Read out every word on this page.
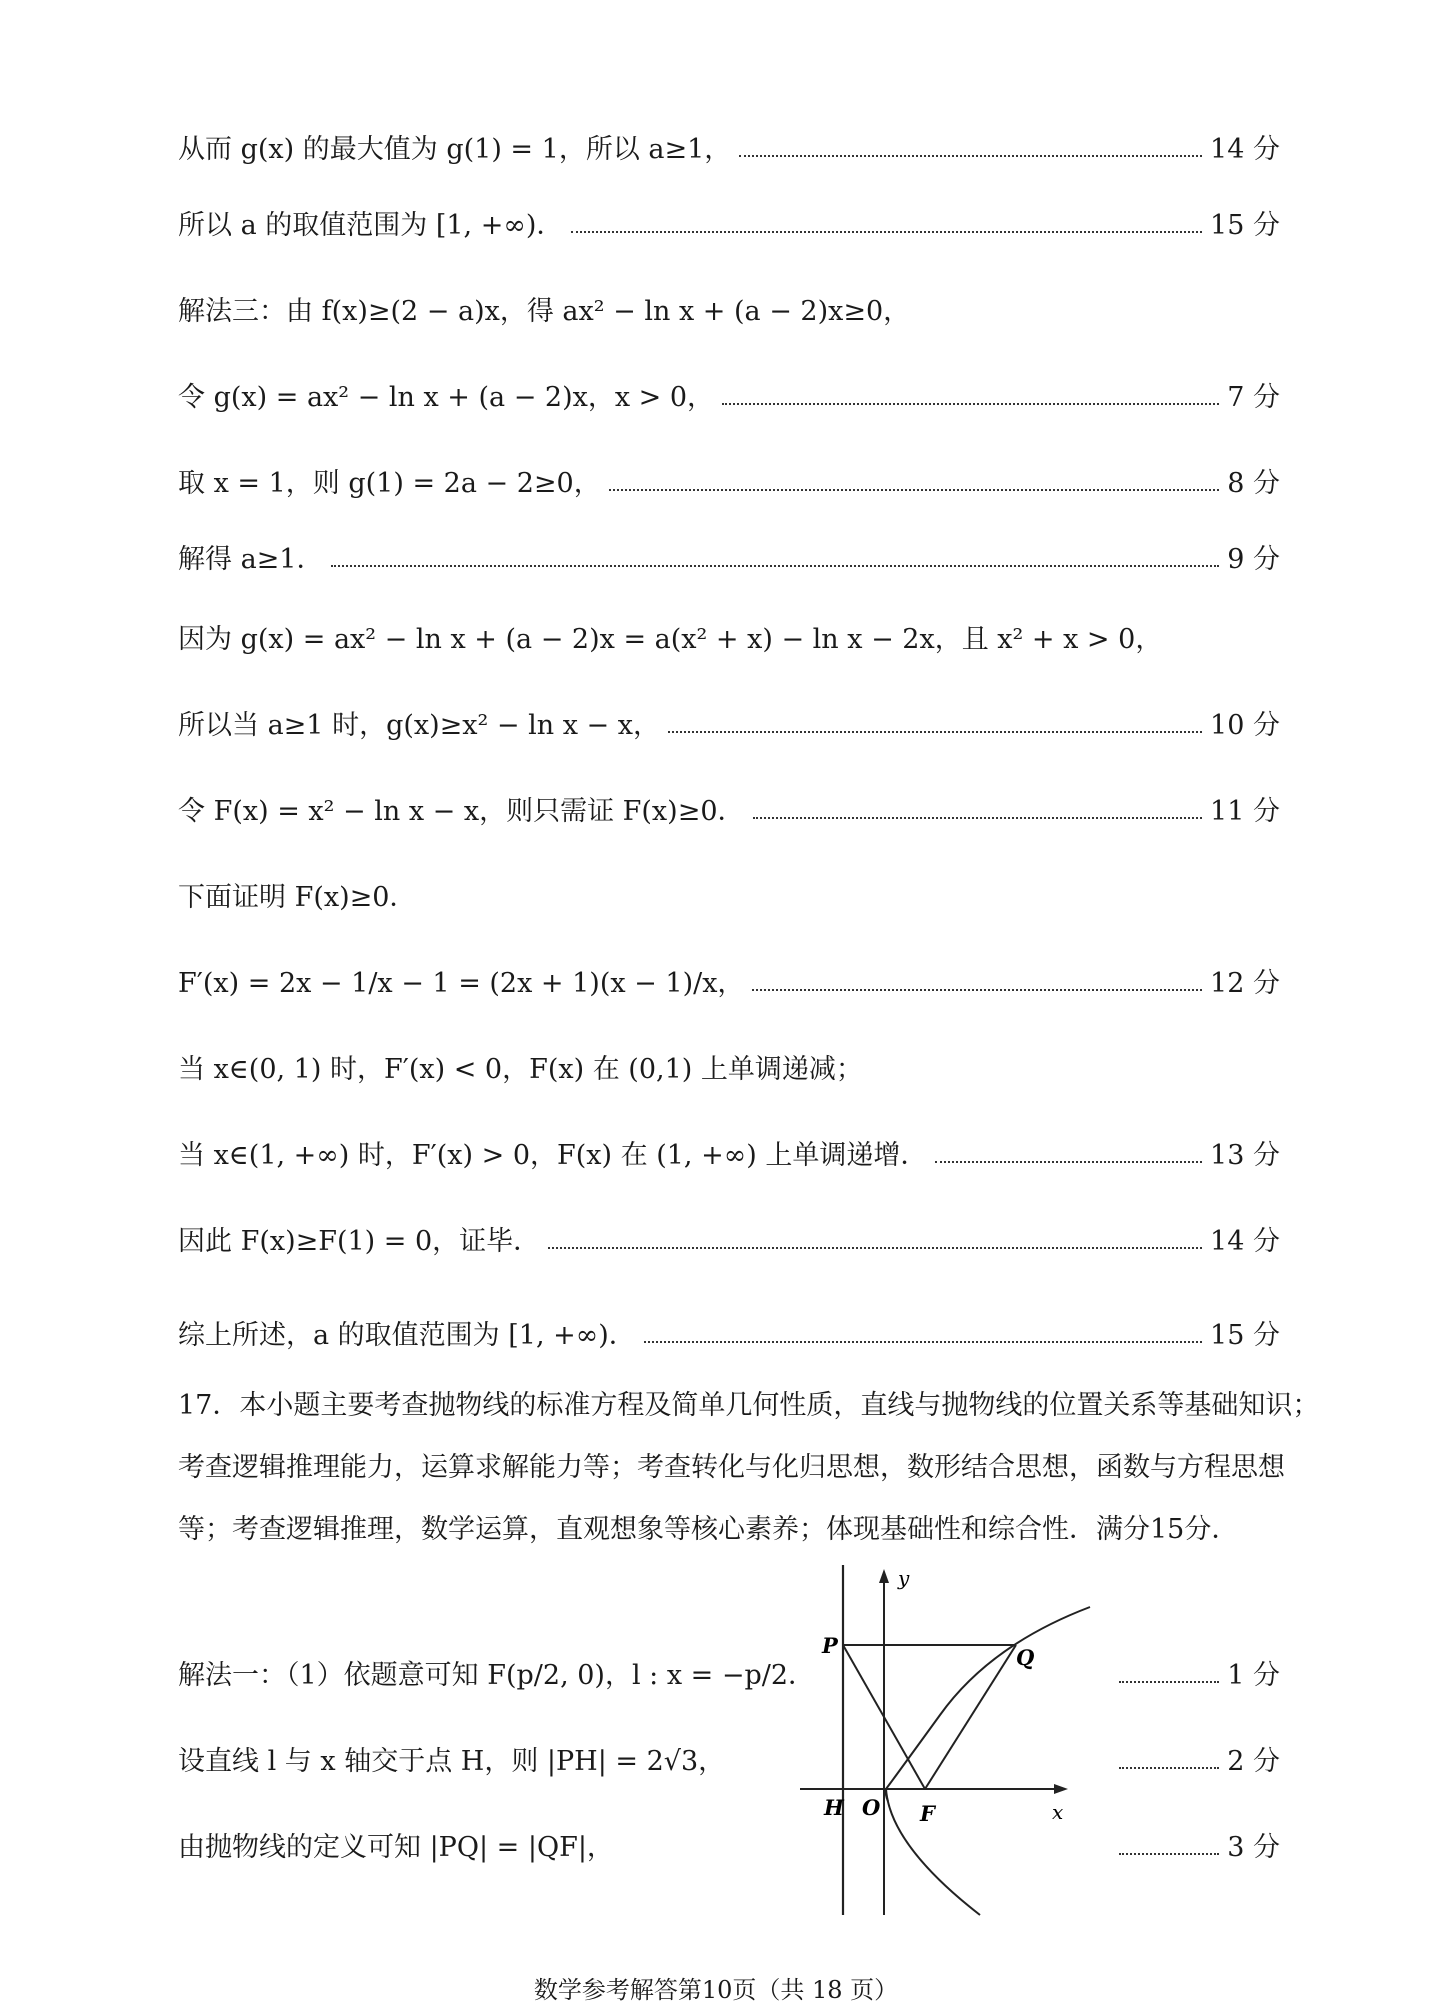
从而 g(x) 的最大值为 g(1) = 1，所以 a≥1，	14 分
所以 a 的取值范围为 [1, +∞)．	15 分
解法三：由 f(x)≥(2 − a)x，得 ax² − ln x + (a − 2)x≥0，
令 g(x) = ax² − ln x + (a − 2)x，x > 0，	7 分
取 x = 1，则 g(1) = 2a − 2≥0，	8 分
解得 a≥1．	9 分
因为 g(x) = ax² − ln x + (a − 2)x = a(x² + x) − ln x − 2x，且 x² + x > 0，
所以当 a≥1 时，g(x)≥x² − ln x − x，	10 分
令 F(x) = x² − ln x − x，则只需证 F(x)≥0．	11 分
下面证明 F(x)≥0．
F′(x) = 2x − 1/x − 1 = (2x + 1)(x − 1)/x，	12 分
当 x∈(0, 1) 时，F′(x) < 0，F(x) 在 (0,1) 上单调递减；
当 x∈(1, +∞) 时，F′(x) > 0，F(x) 在 (1, +∞) 上单调递增．	13 分
因此 F(x)≥F(1) = 0，证毕．	14 分
综上所述，a 的取值范围为 [1, +∞)．	15 分
17．本小题主要考查抛物线的标准方程及简单几何性质，直线与抛物线的位置关系等基础知识；考查逻辑推理能力，运算求解能力等；考查转化与化归思想，数形结合思想，函数与方程思想等；考查逻辑推理，数学运算，直观想象等核心素养；体现基础性和综合性．满分15分．
解法一：（1）依题意可知 F(p/2, 0)，l : x = −p/2．	1 分
设直线 l 与 x 轴交于点 H，则 |PH| = 2√3，	2 分
由抛物线的定义可知 |PQ| = |QF|，	3 分
y
x
P	Q
H O F
数学参考解答第10页（共 18 页）
